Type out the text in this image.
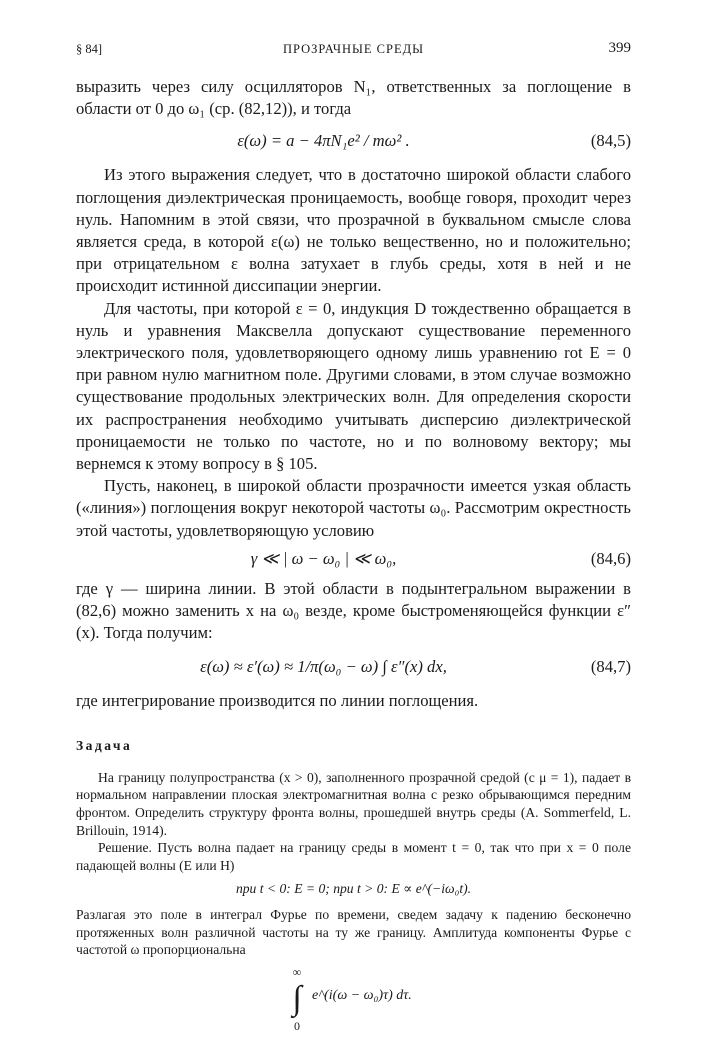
§ 84]	ПРОЗРАЧНЫЕ СРЕДЫ	399

выразить через силу осцилляторов N₁, ответственных за поглощение в области от 0 до ω₁ (ср. (82,12)), и тогда

ε(ω) = a − 4πN₁e² / mω² .	(84,5)

Из этого выражения следует, что в достаточно широкой области слабого поглощения диэлектрическая проницаемость, вообще говоря, проходит через нуль. Напомним в этой связи, что прозрачной в буквальном смысле слова является среда, в которой ε(ω) не только вещественно, но и положительно; при отрицательном ε волна затухает в глубь среды, хотя в ней и не происходит истинной диссипации энергии.

Для частоты, при которой ε = 0, индукция D тождественно обращается в нуль и уравнения Максвелла допускают существование переменного электрического поля, удовлетворяющего одному лишь уравнению rot E = 0 при равном нулю магнитном поле. Другими словами, в этом случае возможно существование продольных электрических волн. Для определения скорости их распространения необходимо учитывать дисперсию диэлектрической проницаемости не только по частоте, но и по волновому вектору; мы вернемся к этому вопросу в § 105.

Пусть, наконец, в широкой области прозрачности имеется узкая область («линия») поглощения вокруг некоторой частоты ω₀. Рассмотрим окрестность этой частоты, удовлетворяющую условию

γ ≪ | ω − ω₀ | ≪ ω₀,	(84,6)

где γ — ширина линии. В этой области в подынтегральном выражении в (82,6) можно заменить x на ω₀ везде, кроме быстроменяющейся функции ε″(x). Тогда получим:

ε(ω) ≈ ε′(ω) ≈ 1/π(ω₀ − ω) ∫ ε″(x) dx,	(84,7)

где интегрирование производится по линии поглощения.

Задача

На границу полупространства (x > 0), заполненного прозрачной средой (с μ = 1), падает в нормальном направлении плоская электромагнитная волна с резко обрывающимся передним фронтом. Определить структуру фронта волны, прошедшей внутрь среды (A. Sommerfeld, L. Brillouin, 1914).

Решение. Пусть волна падает на границу среды в момент t = 0, так что при x = 0 поле падающей волны (E или H)

при t < 0: E = 0; при t > 0: E ∝ e^(−iω₀t).

Разлагая это поле в интеграл Фурье по времени, сведем задачу к падению бесконечно протяженных волн различной частоты на ту же границу. Амплитуда компоненты Фурье с частотой ω пропорциональна

∞
∫
0
e^(i(ω − ω₀)τ) dτ.
